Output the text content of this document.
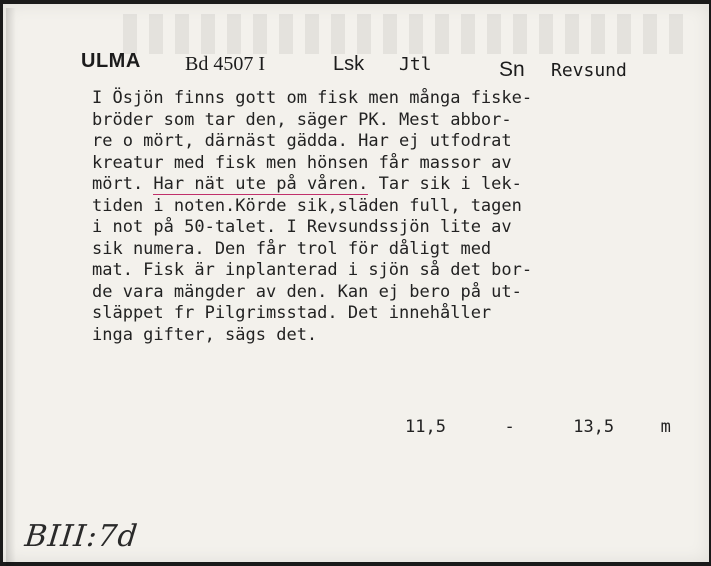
ULMA Bd 4507 I	Lsk Jtl	Sn Revsund
I Ösjön finns gott om fisk men många fiske-
bröder som tar den, säger PK. Mest abbor-
re o mört, därnäst gädda. Har ej utfodrat
kreatur med fisk men hönsen får massor av
mört. Har nät ute på våren. Tar sik i lek-
tiden i noten.Körde sik,släden full, tagen
i not på 50-talet. I Revsundssjön lite av
sik numera. Den får trol för dåligt med
mat. Fisk är inplanterad i sjön så det bor-
de vara mängder av den. Kan ej bero på ut-
släppet fr Pilgrimsstad. Det innehåller
inga gifter, sägs det.
11,5	-	13,5	m
BIII:7d
